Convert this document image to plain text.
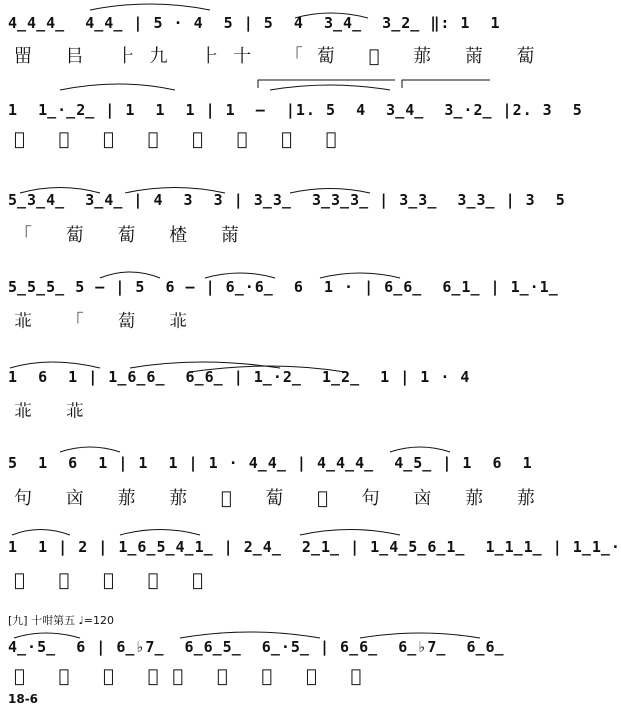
4̲4̲4̲  4̲4̲ | 5 · 4  5 | 5  4  3̲4̲  3̲2̲ ‖: 1  1
㽞 㠯 ⺊九 ⺊十 「蔔 𦭘 𦰡 𦲸 蔔
1  1̲·̲2̲ | 1  1  1 | 1  —  |1. 5  4  3̲4̲  3̲·2̲ |2. 3  5
𦭘 𦲸 𢁺 𦲸 𦭘 蒿 從 𦮃
5̲3̲4̲  3̲4̲ | 4  3  3 | 3̲3̲  3̲3̲3̲ | 3̲3̲  3̲3̲ | 3  5
「 蔔 蔔 楂 𦲸
5̲5̲5̲ 5 — | 5  6 — | 6̲·6̲  6  1 · | 6̲6̲  6̲1̲ | 1̲·1̲
𦮃 「 蔔 𦮃
1  6  1 | 1̲6̲6̲  6̲6̲ | 1̲·2̲  1̲2̲  1 | 1 · 4
𦮃 𦮃
5  1  6  1 | 1  1 | 1 · 4̲4̲ | 4̲4̲4̲  4̲5̲ | 1  6  1
句 㐫 𦰡 𦰡 𦭘 蔔 𦭘 句 㐫 𦰡 𦰡
1  1 | 2 | 1̲6̲5̲4̲1̲ | 2̲4̲  2̲1̲ | 1̲4̲5̲6̲1̲  1̲1̲1̲ | 1̲1̲·
𦭘 𦲸 𦭘 𦲸 𦲸
[九] 十咁第五 ♩=120
4̲·5̲  6 | 6̲♭7̲  6̲6̲5̲  6̲·5̲ | 6̲6̲  6̲♭7̲  6̲6̲
𦭘 句 𦭘 「蔔 𦭘 𦰡 𦲸 𦭘
18-6
